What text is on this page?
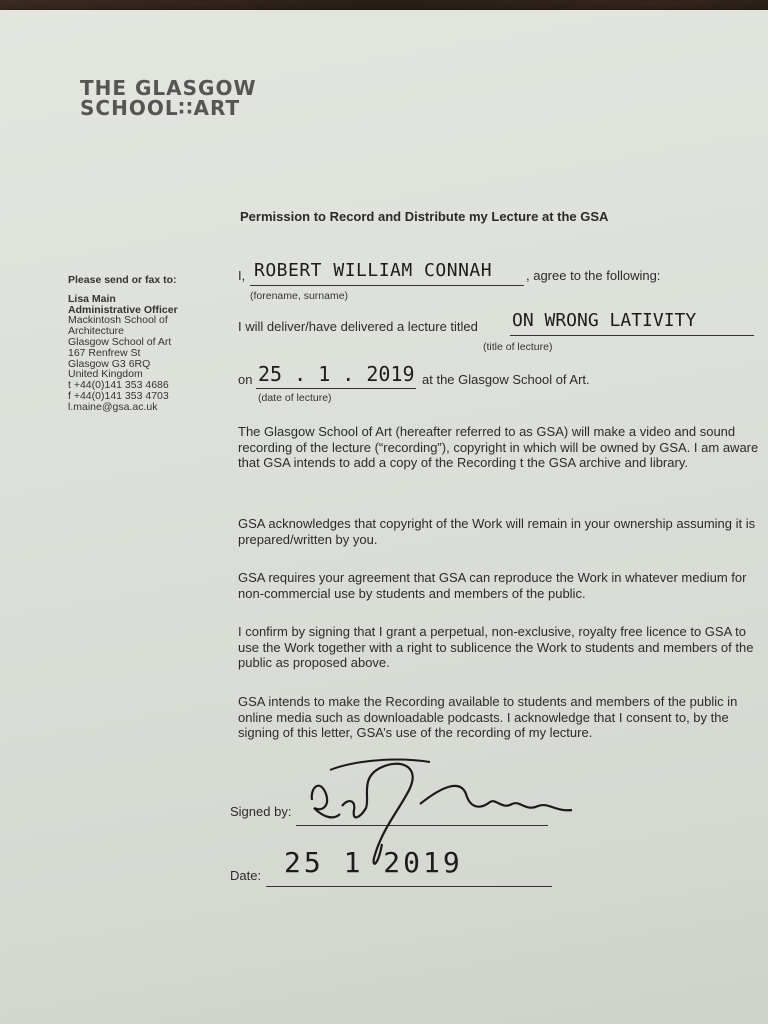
THE GLASGOW
SCHOOL∷ART
Permission to Record and Distribute my Lecture at the GSA
Please send or fax to:
Lisa Main
Administrative Officer
Mackintosh School of
Architecture
Glasgow School of Art
167 Renfrew St
Glasgow G3 6RQ
United Kingdom
t +44(0)141 353 4686
f +44(0)141 353 4703
l.maine@gsa.ac.uk
I, ROBERT WILLIAM CONNAH	, agree to the following:
(forename, surname)
I will deliver/have delivered a lecture titled ON WRONG LATIVITY
(title of lecture)
on 25 . 1 . 2019 at the Glasgow School of Art.
(date of lecture)
The Glasgow School of Art (hereafter referred to as GSA) will make a video and sound recording of the lecture (“recording”), copyright in which will be owned by GSA. I am aware that GSA intends to add a copy of the Recording t the GSA archive and library.
GSA acknowledges that copyright of the Work will remain in your ownership assuming it is prepared/written by you.
GSA requires your agreement that GSA can reproduce the Work in whatever medium for non-commercial use by students and members of the public.
I confirm by signing that I grant a perpetual, non-exclusive, royalty free licence to GSA to use the Work together with a right to sublicence the Work to students and members of the public as proposed above.
GSA intends to make the Recording available to students and members of the public in online media such as downloadable podcasts. I acknowledge that I consent to, by the signing of this letter, GSA’s use of the recording of my lecture.
Signed by:
Date: 25 1 2019
